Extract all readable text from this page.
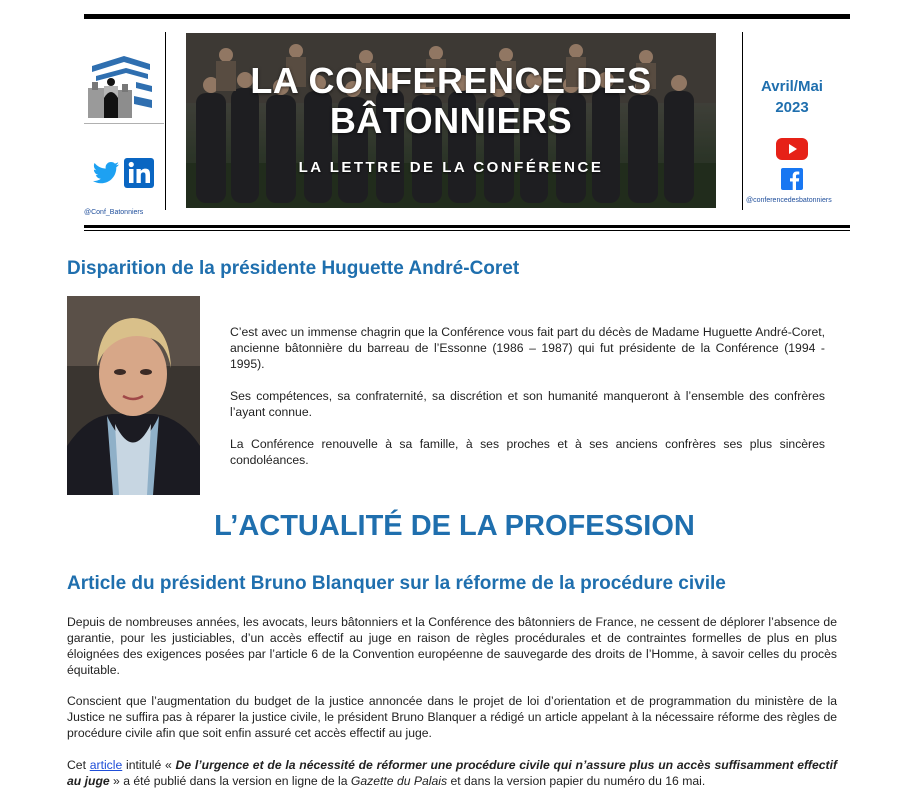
@Conf_Batonniers
LA CONFERENCE DES
BÂTONNIERS
LA LETTRE DE LA CONFÉRENCE
Avril/Mai
2023
@conferencedesbatonniers
Disparition de la présidente Huguette André-Coret

C’est avec un immense chagrin que la Conférence vous fait part du décès de Madame Huguette André-Coret, ancienne bâtonnière du barreau de l’Essonne (1986 – 1987) qui fut présidente de la Conférence (1994 - 1995).

Ses compétences, sa confraternité, sa discrétion et son humanité manqueront à l’ensemble des confrères l’ayant connue.

La Conférence renouvelle à sa famille, à ses proches et à ses anciens confrères ses plus sincères condoléances.

L’ACTUALITÉ DE LA PROFESSION
Article du président Bruno Blanquer sur la réforme de la procédure civile

Depuis de nombreuses années, les avocats, leurs bâtonniers et la Conférence des bâtonniers de France, ne cessent de déplorer l’absence de garantie, pour les justiciables, d’un accès effectif au juge en raison de règles procédurales et de contraintes formelles de plus en plus éloignées des exigences posées par l’article 6 de la Convention européenne de sauvegarde des droits de l’Homme, à savoir celles du procès équitable.

Conscient que l’augmentation du budget de la justice annoncée dans le projet de loi d’orientation et de programmation du ministère de la Justice ne suffira pas à réparer la justice civile, le président Bruno Blanquer a rédigé un article appelant à la nécessaire réforme des règles de procédure civile afin que soit enfin assuré cet accès effectif au juge.

Cet article intitulé « De l’urgence et de la nécessité de réformer une procédure civile qui n’assure plus un accès suffisamment effectif au juge » a été publié dans la version en ligne de la Gazette du Palais et dans la version papier du numéro du 16 mai.
